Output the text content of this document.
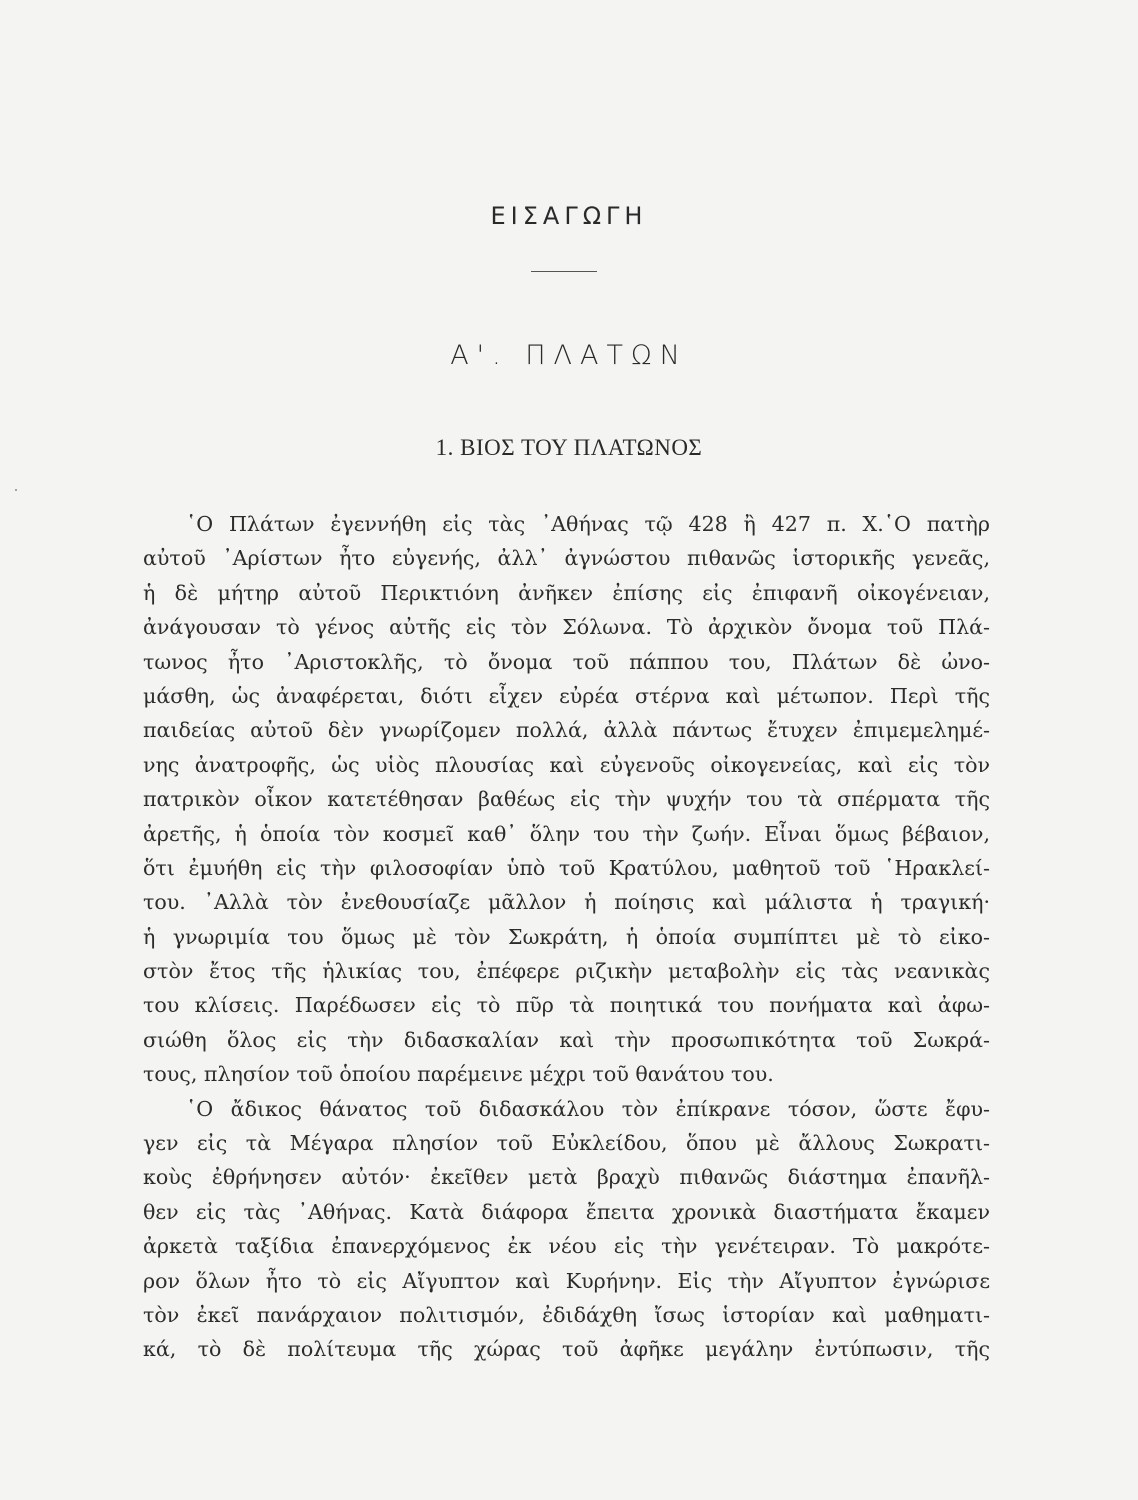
ΕΙΣΑΓΩΓΗ
Α'. ΠΛΑΤΩΝ
1. ΒΙΟΣ ΤΟΥ ΠΛΑΤΩΝΟΣ
῾Ο Πλάτων ἐγεννήθη εἰς τὰς ᾿Αθήνας τῷ 428 ἢ 427 π. Χ.῾Ο πατὴρ
αὐτοῦ ᾿Αρίστων ἦτο εὐγενής, ἀλλ᾿ ἀγνώστου πιθανῶς ἱστορικῆς γενεᾶς,
ἡ δὲ μήτηρ αὐτοῦ Περικτιόνη ἀνῆκεν ἐπίσης εἰς ἐπιφανῆ οἰκογένειαν,
ἀνάγουσαν τὸ γένος αὐτῆς εἰς τὸν Σόλωνα. Τὸ ἀρχικὸν ὄνομα τοῦ Πλά-
τωνος ἦτο ᾿Αριστοκλῆς, τὸ ὄνομα τοῦ πάππου του, Πλάτων δὲ ὠνο-
μάσθη, ὡς ἀναφέρεται, διότι εἶχεν εὐρέα στέρνα καὶ μέτωπον. Περὶ τῆς
παιδείας αὐτοῦ δὲν γνωρίζομεν πολλά, ἀλλὰ πάντως ἔτυχεν ἐπιμεμελημέ-
νης ἀνατροφῆς, ὡς υἱὸς πλουσίας καὶ εὐγενοῦς οἰκογενείας, καὶ εἰς τὸν
πατρικὸν οἶκον κατετέθησαν βαθέως εἰς τὴν ψυχήν του τὰ σπέρματα τῆς
ἀρετῆς, ἡ ὁποία τὸν κοσμεῖ καθ᾿ ὅλην του τὴν ζωήν. Εἶναι ὅμως βέβαιον,
ὅτι ἐμυήθη εἰς τὴν φιλοσοφίαν ὑπὸ τοῦ Κρατύλου, μαθητοῦ τοῦ ῾Ηρακλεί-
του. ᾿Αλλὰ τὸν ἐνεθουσίαζε μᾶλλον ἡ ποίησις καὶ μάλιστα ἡ τραγική·
ἡ γνωριμία του ὅμως μὲ τὸν Σωκράτη, ἡ ὁποία συμπίπτει μὲ τὸ εἰκο-
στὸν ἔτος τῆς ἡλικίας του, ἐπέφερε ριζικὴν μεταβολὴν εἰς τὰς νεανικὰς
του κλίσεις. Παρέδωσεν εἰς τὸ πῦρ τὰ ποιητικά του πονήματα καὶ ἀφω-
σιώθη ὅλος εἰς τὴν διδασκαλίαν καὶ τὴν προσωπικότητα τοῦ Σωκρά-
τους, πλησίον τοῦ ὁποίου παρέμεινε μέχρι τοῦ θανάτου του.
῾Ο ἄδικος θάνατος τοῦ διδασκάλου τὸν ἐπίκρανε τόσον, ὥστε ἔφυ-
γεν εἰς τὰ Μέγαρα πλησίον τοῦ Εὐκλείδου, ὅπου μὲ ἄλλους Σωκρατι-
κοὺς ἐθρήνησεν αὐτόν· ἐκεῖθεν μετὰ βραχὺ πιθανῶς διάστημα ἐπανῆλ-
θεν εἰς τὰς ᾿Αθήνας. Κατὰ διάφορα ἔπειτα χρονικὰ διαστήματα ἔκαμεν
ἀρκετὰ ταξίδια ἐπανερχόμενος ἐκ νέου εἰς τὴν γενέτειραν. Τὸ μακρότε-
ρον ὅλων ἦτο τὸ εἰς Αἴγυπτον καὶ Κυρήνην. Εἰς τὴν Αἴγυπτον ἐγνώρισε
τὸν ἐκεῖ πανάρχαιον πολιτισμόν, ἐδιδάχθη ἴσως ἱστορίαν καὶ μαθηματι-
κά, τὸ δὲ πολίτευμα τῆς χώρας τοῦ ἀφῆκε μεγάλην ἐντύπωσιν, τῆς
